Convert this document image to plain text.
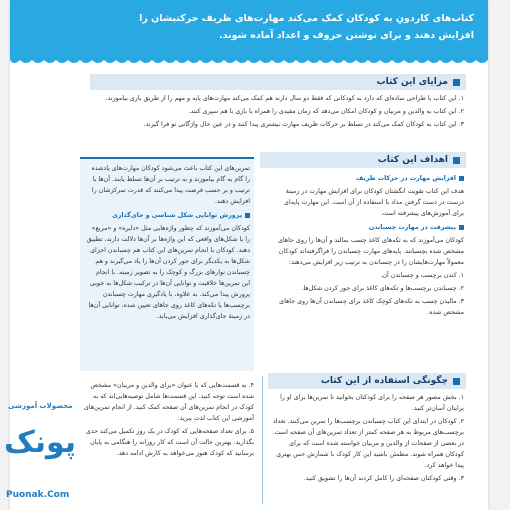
کتاب‌های کاردونِ به کودکان کمک می‌کند مهارت‌های ظریف حرکتیشان را
افزایش دهند و برای نوشتن حروف و اعداد آماده شوند.
مزایای این کتاب

۱. این کتاب با طراحی ساده‌ای که دارد به کودکانی که فقط دو سال دارند هم کمک می‌کند مهارت‌های پایه و مهم را از طریق بازی بیاموزند.

۲. این کتاب به والدین و مربیان و کودکان امکان می‌دهد که زمان مفیدی را همراه با بازی با هم سپری کنند.

۳. این کتاب به کودکان کمک می‌کند در تسلط بر حرکات ظریف مهارت بیشتری پیدا کنند و در عین حال واژگانی نو فرا گیرند.

اهداف این کتاب
افزایش مهارت در حرکات ظریف

هدف این کتاب تقویت انگشتان کودکان برای افزایش مهارت در زمینهٔ درست در دست گرفتن مداد با استفاده از آن است. این مهارت پایه‌ای برای آموزش‌های پیشرفته است.

پیشرفت در مهارت چسباندن

کودکان می‌آموزند که به تکه‌های کاغذ چسب بمالند و آن‌ها را روی جاهای مشخص شده بچسبانند. پایه‌های مهارت چسباندن را فراگرفته‌اند کودکان معمولاً مهارت‌هایشان را در چسباندن به ترتیب زیر افزایش می‌دهند:

۱. کندن برچسب و چسباندن آن.

۲. چسباندن برچسب‌ها و تکه‌های کاغذ برای جور کردن شکل‌ها.

۳. مالیدن چسب به تکه‌های کوچک کاغذ برای چسباندن آن‌ها روی جاهای مشخص شده.

تمرین‌های این کتاب باعث می‌شود کودکان مهارت‌های یادشده را گام به گام بیاموزند و به ترتیب بر آن‌ها تسلط یابند. آن‌ها با ترتیب و بر حسب فرصت پیدا می‌کنند که قدرت تمرکزشان را افزایش دهند.

پرورش توانایی شکل شناسی و جای‌گذاری

کودکان می‌آموزند که چطور واژه‌هایی مثل «دایره» و «مربع» را با شکل‌های واقعی که این واژه‌ها بر آن‌ها دلالت دارند، تطبیق دهند. کودکان با انجام تمرین‌های این کتاب هم چسباندن اجزای شکل‌ها به یکدیگر برای جور کردن آن‌ها را یاد می‌گیرند و هم چسباندن نوارهای بزرگ و کوچک را به تصویر زمینه. با انجام این تمرین‌ها خلاقیت و توانایی آن‌ها در ترکیب شکل‌ها به خوبی پرورش پیدا می‌کند. به علاوه، با یادگیری مهارت چسباندن برچسب‌ها یا تکه‌های کاغذ روی جاهای تعیین شده، توانایی آن‌ها در زمینهٔ جای‌گذاری افزایش می‌یابد.

چگونگی استفاده از این کتاب

۱. بخش مصور هر صفحه را برای کودکتان بخوانید تا تمرین‌ها برای او را برایتان آسان‌تر کنید.

۲. کودکان در ابتدای این کتاب چسباندن برچسب‌ها را تمرین می‌کنند. تعداد برچسب‌های مربوط به هر صفحه کمتر از تعداد تمرین‌های آن صفحه است. در بعضی از صفحات از والدین و مربیان خواسته شده است که برای کودکان همراه شوند. مطمئن باشید این کار کودک با شمارش حس بهتری پیدا خواهد کرد.

۳. وقتی کودکتان صفحه‌ای را کامل کردند آن‌ها را تشویق کنید.

۴. به قسمت‌هایی که با عنوان «برای والدین و مربیان» مشخص شده است توجه کنید. این قسمت‌ها شامل توصیه‌هایی‌اند که به کودک در انجام تمرین‌های آن صفحه کمک کنید. از انجام تمرین‌های آموزشی این کتاب لذت ببرید.

۵. برای تعداد صفحه‌هایی که کودک در یک روز تکمیل می‌کند حدی بگذارید. بهترین حالت آن است که کار روزانه را هنگامی به پایان برسانید که کودک هنوز می‌خواهد به کارش ادامه دهد.

محصولات آموزشی
پونک
Puonak.Com
